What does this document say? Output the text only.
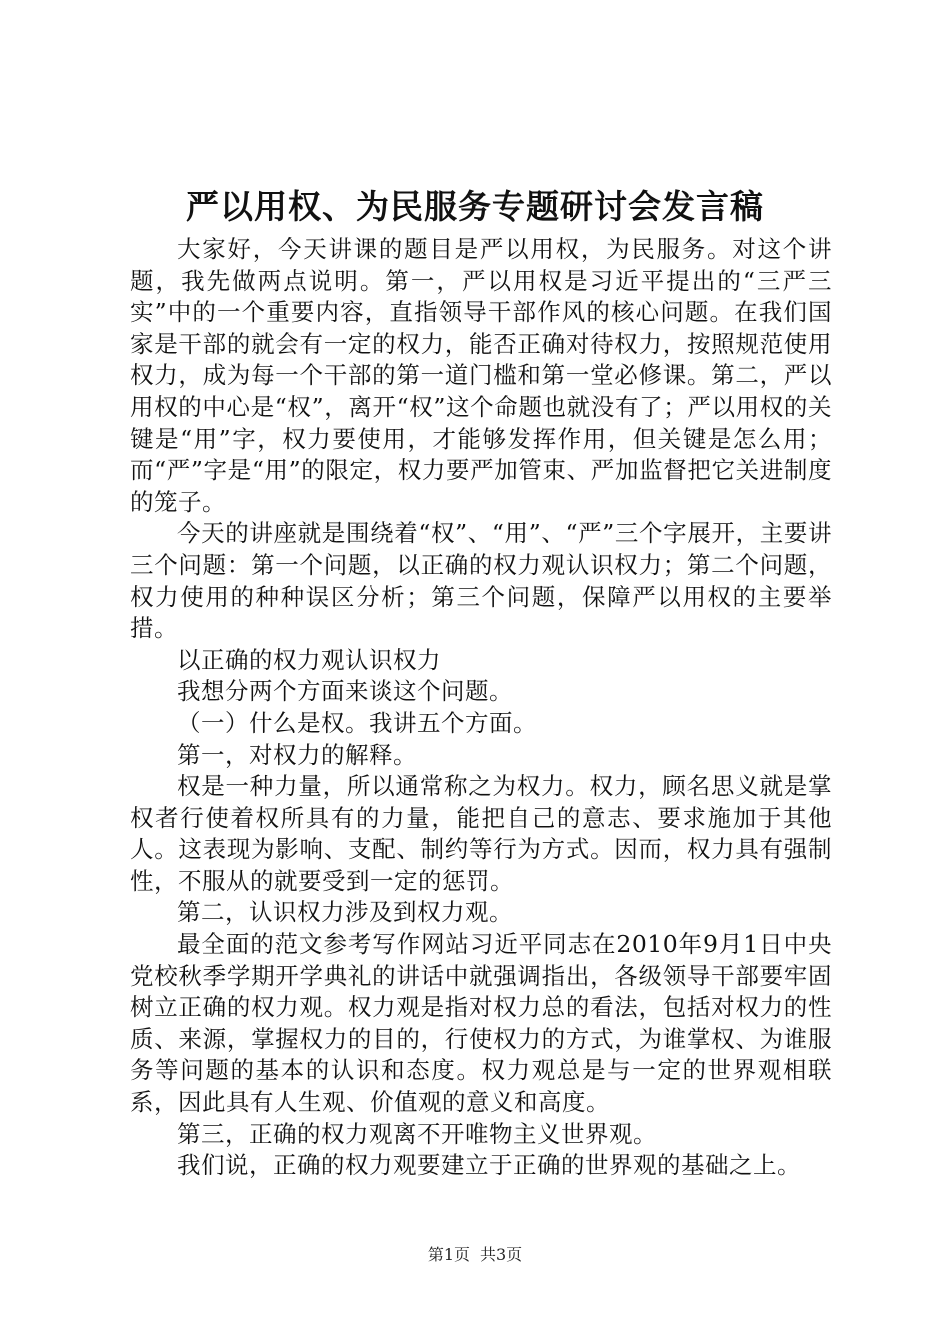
严以用权、为民服务专题研讨会发言稿

大家好，今天讲课的题目是严以用权，为民服务。对这个讲题，我先做两点说明。第一，严以用权是习近平提出的“三严三实”中的一个重要内容，直指领导干部作风的核心问题。在我们国家是干部的就会有一定的权力，能否正确对待权力，按照规范使用权力，成为每一个干部的第一道门槛和第一堂必修课。第二，严以用权的中心是“权”，离开“权”这个命题也就没有了；严以用权的关键是“用”字，权力要使用，才能够发挥作用，但关键是怎么用；而“严”字是“用”的限定，权力要严加管束、严加监督把它关进制度的笼子。

今天的讲座就是围绕着“权”、“用”、“严”三个字展开，主要讲三个问题：第一个问题，以正确的权力观认识权力；第二个问题，权力使用的种种误区分析；第三个问题，保障严以用权的主要举措。

以正确的权力观认识权力

我想分两个方面来谈这个问题。

（一）什么是权。我讲五个方面。

第一，对权力的解释。

权是一种力量，所以通常称之为权力。权力，顾名思义就是掌权者行使着权所具有的力量，能把自己的意志、要求施加于其他人。这表现为影响、支配、制约等行为方式。因而，权力具有强制性，不服从的就要受到一定的惩罚。

第二，认识权力涉及到权力观。

最全面的范文参考写作网站习近平同志在2010年9月1日中央党校秋季学期开学典礼的讲话中就强调指出，各级领导干部要牢固树立正确的权力观。权力观是指对权力总的看法，包括对权力的性质、来源，掌握权力的目的，行使权力的方式，为谁掌权、为谁服务等问题的基本的认识和态度。权力观总是与一定的世界观相联系，因此具有人生观、价值观的意义和高度。

第三，正确的权力观离不开唯物主义世界观。

我们说，正确的权力观要建立于正确的世界观的基础之上。

第1页 共3页
